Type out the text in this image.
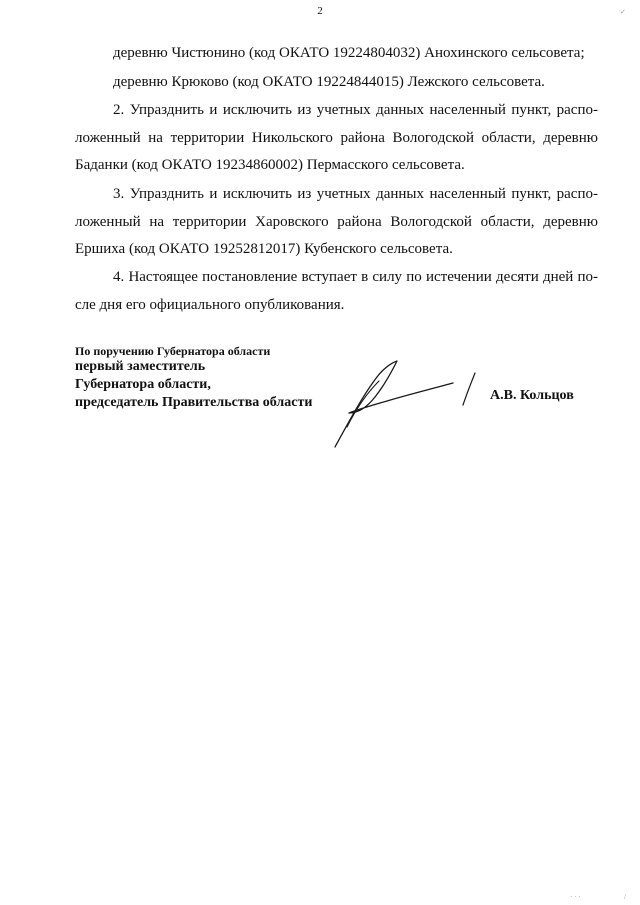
2
деревню Чистюнино (код ОКАТО 19224804032) Анохинского сельсовета;
деревню Крюково (код ОКАТО 19224844015) Лежского сельсовета.
2. Упразднить и исключить из учетных данных населенный пункт, распо-
ложенный на территории Никольского района Вологодской области, деревню
Баданки (код ОКАТО 19234860002) Пермасского сельсовета.
3. Упразднить и исключить из учетных данных населенный пункт, распо-
ложенный на территории Харовского района Вологодской области, деревню
Ершиха (код ОКАТО 19252812017) Кубенского сельсовета.
4. Настоящее постановление вступает в силу по истечении десяти дней по-
сле дня его официального опубликования.
По поручению Губернатора области
первый заместитель
Губернатора области,
председатель Правительства области	А.В. Кольцов
✓
· · ·	/
